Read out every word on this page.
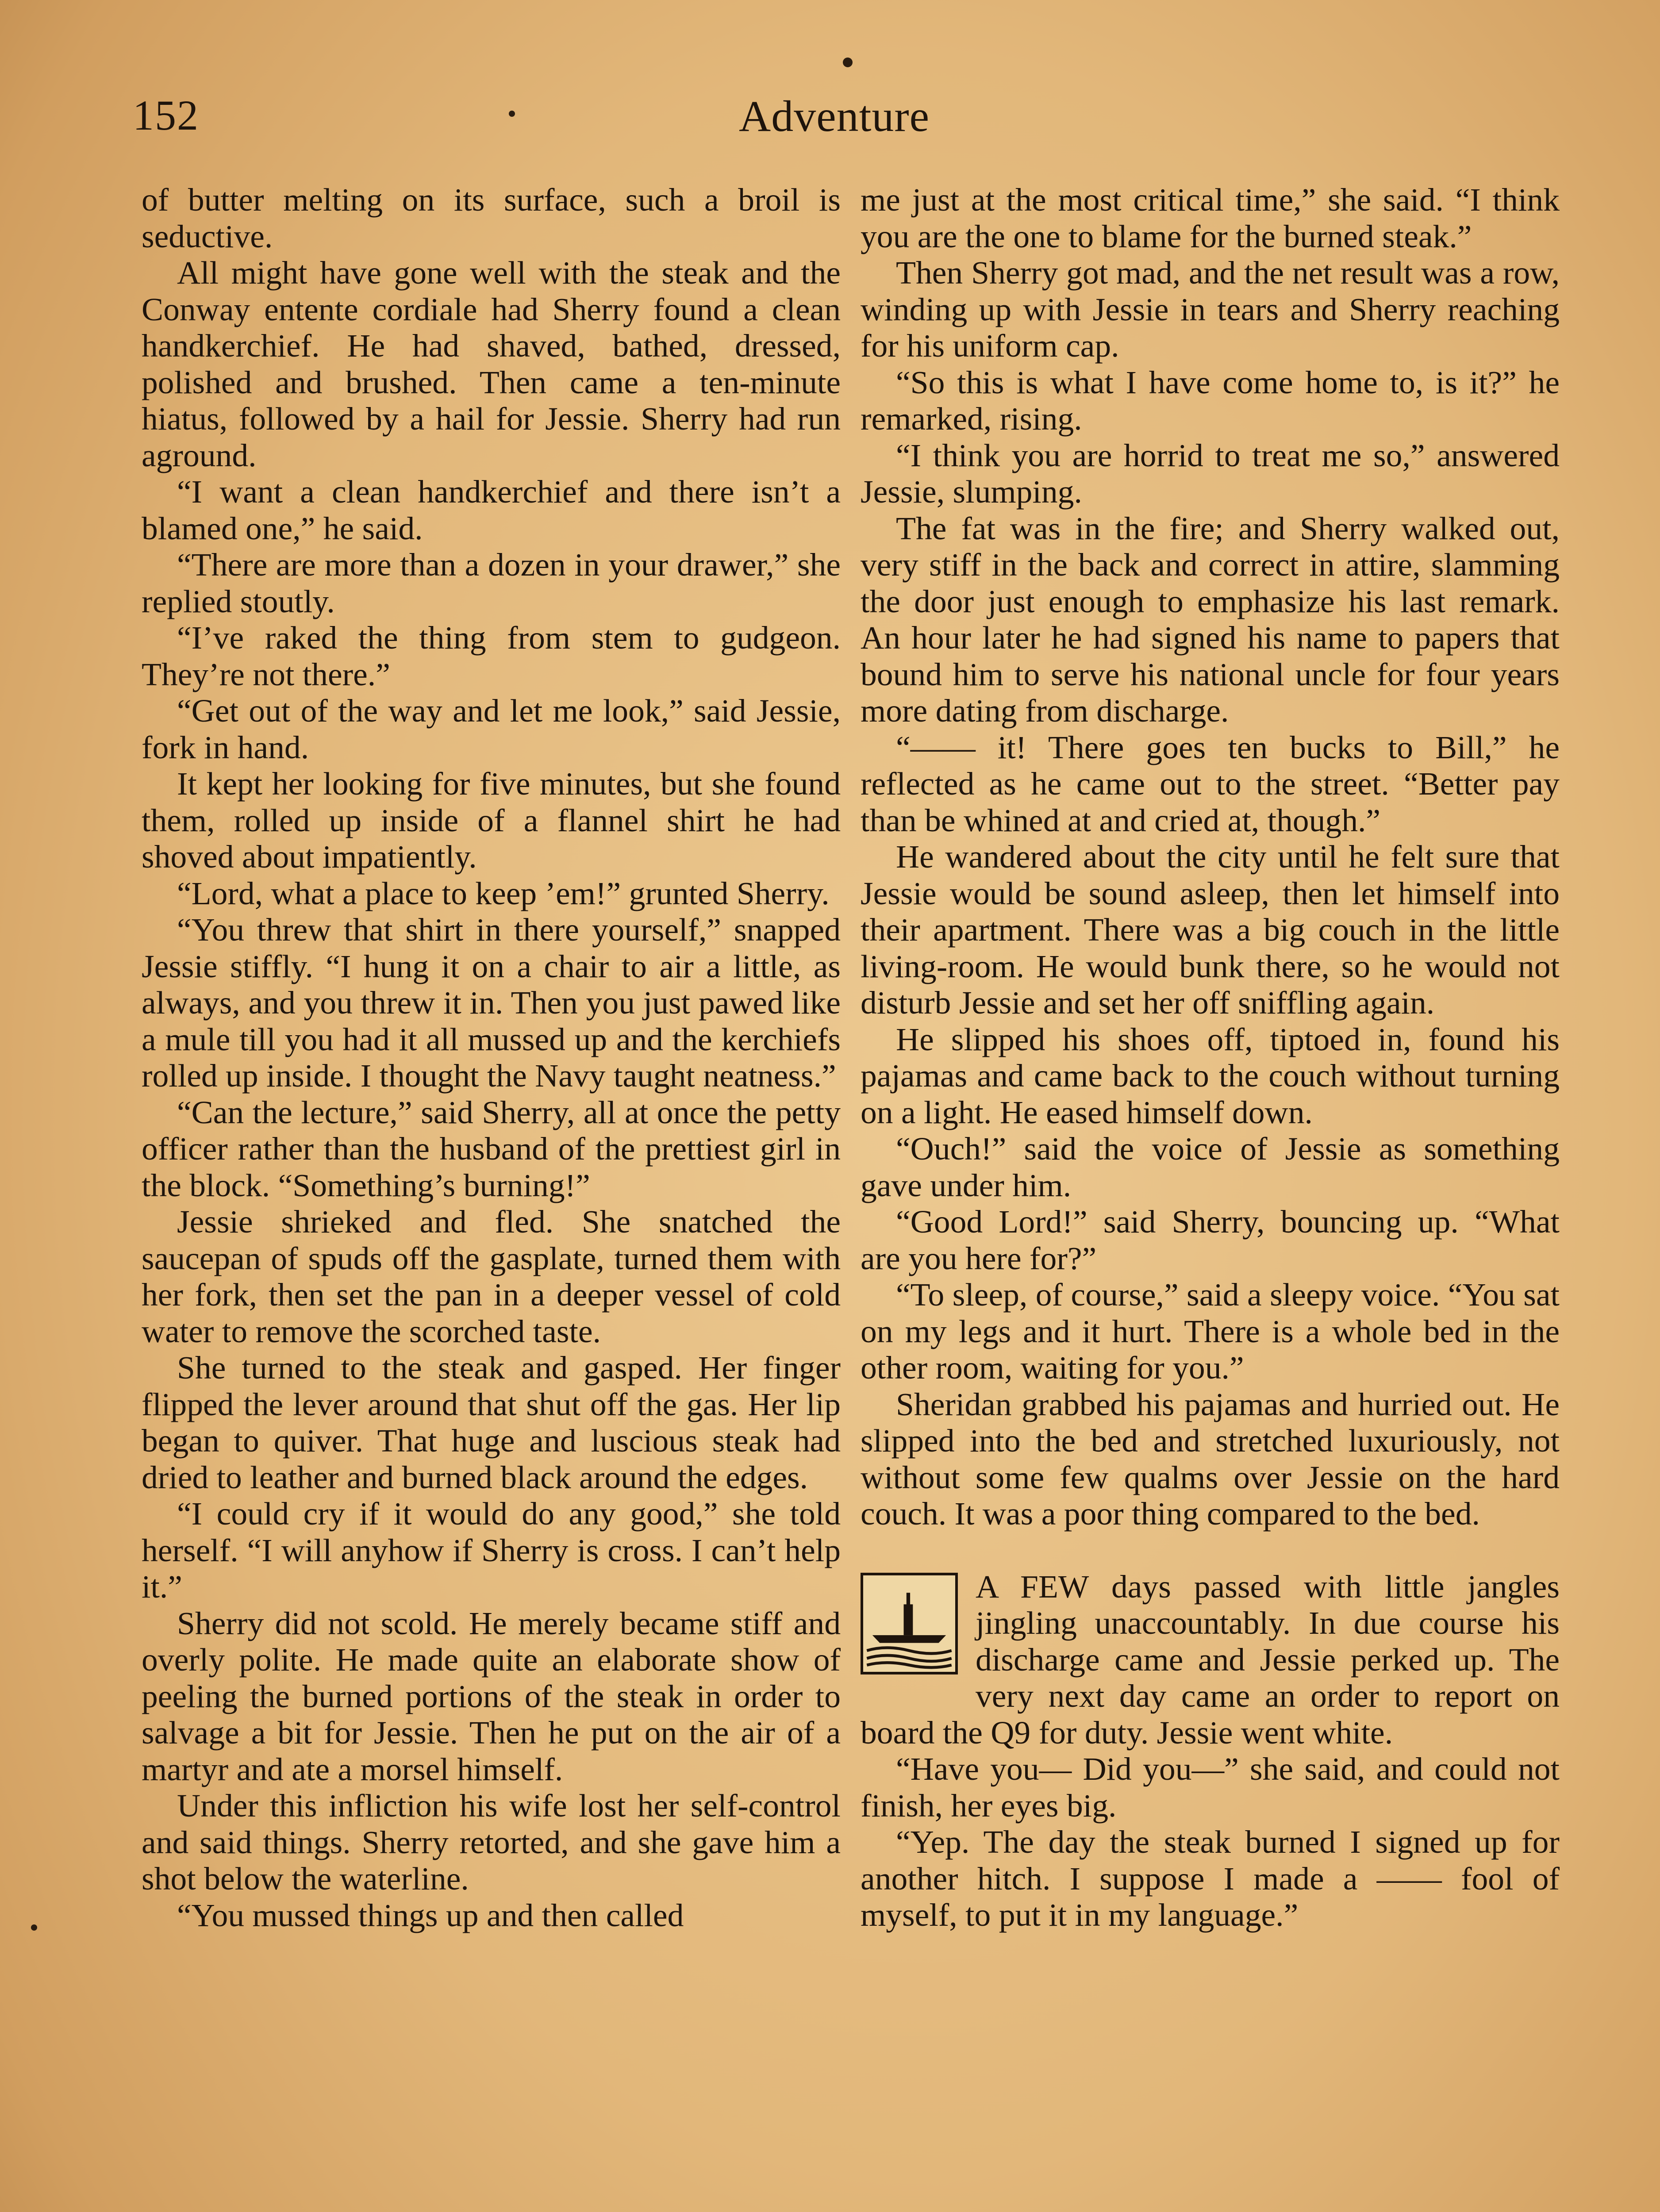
152	Adventure

of butter melting on its surface, such a broil is seductive.

All might have gone well with the steak and the Conway entente cordiale had Sherry found a clean handkerchief. He had shaved, bathed, dressed, polished and brushed. Then came a ten-minute hiatus, followed by a hail for Jessie. Sherry had run aground.

“I want a clean handkerchief and there isn’t a blamed one,” he said.

“There are more than a dozen in your drawer,” she replied stoutly.

“I’ve raked the thing from stem to gudgeon. They’re not there.”

“Get out of the way and let me look,” said Jessie, fork in hand.

It kept her looking for five minutes, but she found them, rolled up inside of a flannel shirt he had shoved about impatiently.

“Lord, what a place to keep ’em!” grunted Sherry.

“You threw that shirt in there yourself,” snapped Jessie stiffly. “I hung it on a chair to air a little, as always, and you threw it in. Then you just pawed like a mule till you had it all mussed up and the kerchiefs rolled up inside. I thought the Navy taught neatness.”

“Can the lecture,” said Sherry, all at once the petty officer rather than the husband of the prettiest girl in the block. “Something’s burning!”

Jessie shrieked and fled. She snatched the saucepan of spuds off the gasplate, turned them with her fork, then set the pan in a deeper vessel of cold water to remove the scorched taste.

She turned to the steak and gasped. Her finger flipped the lever around that shut off the gas. Her lip began to quiver. That huge and luscious steak had dried to leather and burned black around the edges.

“I could cry if it would do any good,” she told herself. “I will anyhow if Sherry is cross. I can’t help it.”

Sherry did not scold. He merely became stiff and overly polite. He made quite an elaborate show of peeling the burned portions of the steak in order to salvage a bit for Jessie. Then he put on the air of a martyr and ate a morsel himself.

Under this infliction his wife lost her self-control and said things. Sherry retorted, and she gave him a shot below the waterline.

“You mussed things up and then called

me just at the most critical time,” she said. “I think you are the one to blame for the burned steak.”

Then Sherry got mad, and the net result was a row, winding up with Jessie in tears and Sherry reaching for his uniform cap.

“So this is what I have come home to, is it?” he remarked, rising.

“I think you are horrid to treat me so,” answered Jessie, slumping.

The fat was in the fire; and Sherry walked out, very stiff in the back and correct in attire, slamming the door just enough to emphasize his last remark. An hour later he had signed his name to papers that bound him to serve his national uncle for four years more dating from discharge.

“—— it! There goes ten bucks to Bill,” he reflected as he came out to the street. “Better pay than be whined at and cried at, though.”

He wandered about the city until he felt sure that Jessie would be sound asleep, then let himself into their apartment. There was a big couch in the little living-room. He would bunk there, so he would not disturb Jessie and set her off sniffling again.

He slipped his shoes off, tiptoed in, found his pajamas and came back to the couch without turning on a light. He eased himself down.

“Ouch!” said the voice of Jessie as something gave under him.

“Good Lord!” said Sherry, bouncing up. “What are you here for?”

“To sleep, of course,” said a sleepy voice. “You sat on my legs and it hurt. There is a whole bed in the other room, waiting for you.”

Sheridan grabbed his pajamas and hurried out. He slipped into the bed and stretched luxuriously, not without some few qualms over Jessie on the hard couch. It was a poor thing compared to the bed.

A FEW days passed with little jangles jingling unaccountably. In due course his discharge came and Jessie perked up. The very next day came an order to report on board the Q9 for duty. Jessie went white.

“Have you— Did you—” she said, and could not finish, her eyes big.

“Yep. The day the steak burned I signed up for another hitch. I suppose I made a —— fool of myself, to put it in my language.”
